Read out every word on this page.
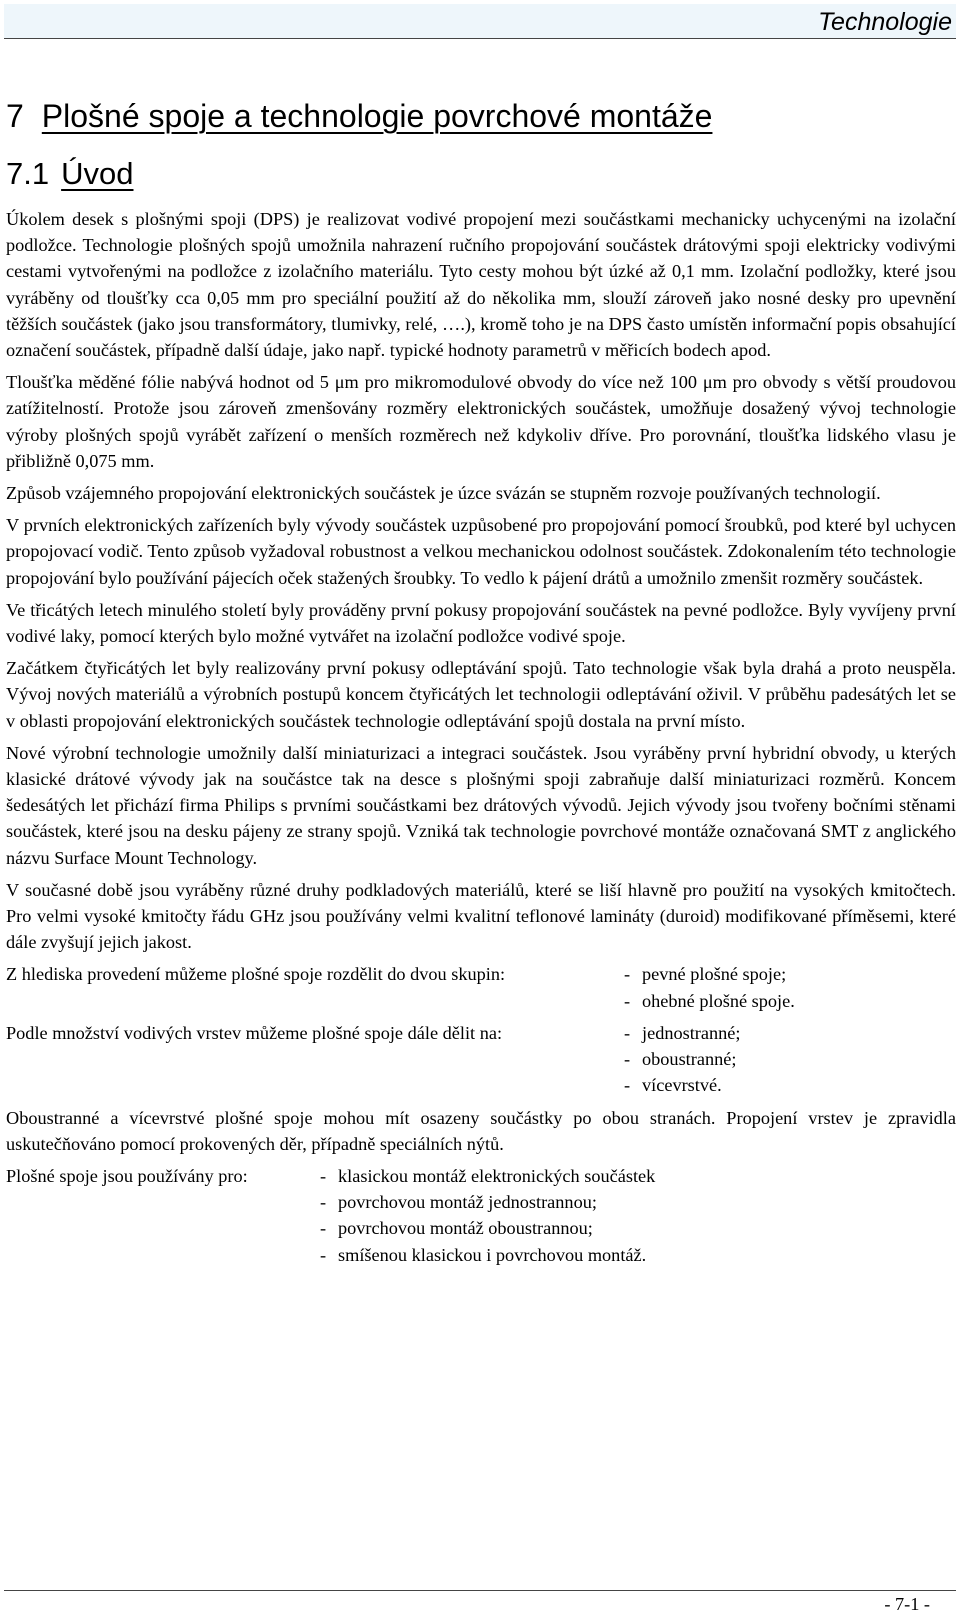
Technologie
7 Plošné spoje a technologie povrchové montáže
7.1 Úvod

Úkolem desek s plošnými spoji (DPS) je realizovat vodivé propojení mezi součástkami mechanicky uchycenými na izolační podložce. Technologie plošných spojů umožnila nahrazení ručního propojování součástek drátovými spoji elektricky vodivými cestami vytvořenými na podložce z izolačního materiálu. Tyto cesty mohou být úzké až 0,1 mm. Izolační podložky, které jsou vyráběny od tloušťky cca 0,05 mm pro speciální použití až do několika mm, slouží zároveň jako nosné desky pro upevnění těžších součástek (jako jsou transformátory, tlumivky, relé, ….), kromě toho je na DPS často umístěn informační popis obsahující označení součástek, případně další údaje, jako např. typické hodnoty parametrů v měřicích bodech apod.

Tloušťka měděné fólie nabývá hodnot od 5 μm pro mikromodulové obvody do více než 100 μm pro obvody s větší proudovou zatížitelností. Protože jsou zároveň zmenšovány rozměry elektronických součástek, umožňuje dosažený vývoj technologie výroby plošných spojů vyrábět zařízení o menších rozměrech než kdykoliv dříve. Pro porovnání, tloušťka lidského vlasu je přibližně 0,075 mm.

Způsob vzájemného propojování elektronických součástek je úzce svázán se stupněm rozvoje používaných technologií.

V prvních elektronických zařízeních byly vývody součástek uzpůsobené pro propojování pomocí šroubků, pod které byl uchycen propojovací vodič. Tento způsob vyžadoval robustnost a velkou mechanickou odolnost součástek. Zdokonalením této technologie propojování bylo používání pájecích oček stažených šroubky. To vedlo k pájení drátů a umožnilo zmenšit rozměry součástek.

Ve třicátých letech minulého století byly prováděny první pokusy propojování součástek na pevné podložce. Byly vyvíjeny první vodivé laky, pomocí kterých bylo možné vytvářet na izolační podložce vodivé spoje.

Začátkem čtyřicátých let byly realizovány první pokusy odleptávání spojů. Tato technologie však byla drahá a proto neuspěla. Vývoj nových materiálů a výrobních postupů koncem čtyřicátých let technologii odleptávání oživil. V průběhu padesátých let se v oblasti propojování elektronických součástek technologie odleptávání spojů dostala na první místo.

Nové výrobní technologie umožnily další miniaturizaci a integraci součástek. Jsou vyráběny první hybridní obvody, u kterých klasické drátové vývody jak na součástce tak na desce s plošnými spoji zabraňuje další miniaturizaci rozměrů. Koncem šedesátých let přichází firma Philips s prvními součástkami bez drátových vývodů. Jejich vývody jsou tvořeny bočními stěnami součástek, které jsou na desku pájeny ze strany spojů. Vzniká tak technologie povrchové montáže označovaná SMT z anglického názvu Surface Mount Technology.

V současné době jsou vyráběny různé druhy podkladových materiálů, které se liší hlavně pro použití na vysokých kmitočtech. Pro velmi vysoké kmitočty řádu GHz jsou používány velmi kvalitní teflonové lamináty (duroid) modifikované příměsemi, které dále zvyšují jejich jakost.

Z hlediska provedení můžeme plošné spoje rozdělit do dvou skupin:	- pevné plošné spoje;
- ohebné plošné spoje.
Podle množství vodivých vrstev můžeme plošné spoje dále dělit na:	- jednostranné;
- oboustranné;
- vícevrstvé.

Oboustranné a vícevrstvé plošné spoje mohou mít osazeny součástky po obou stranách. Propojení vrstev je zpravidla uskutečňováno pomocí prokovených děr, případně speciálních nýtů.

Plošné spoje jsou používány pro:	- klasickou montáž elektronických součástek
- povrchovou montáž jednostrannou;
- povrchovou montáž oboustrannou;
- smíšenou klasickou i povrchovou montáž.
- 7-1 -
